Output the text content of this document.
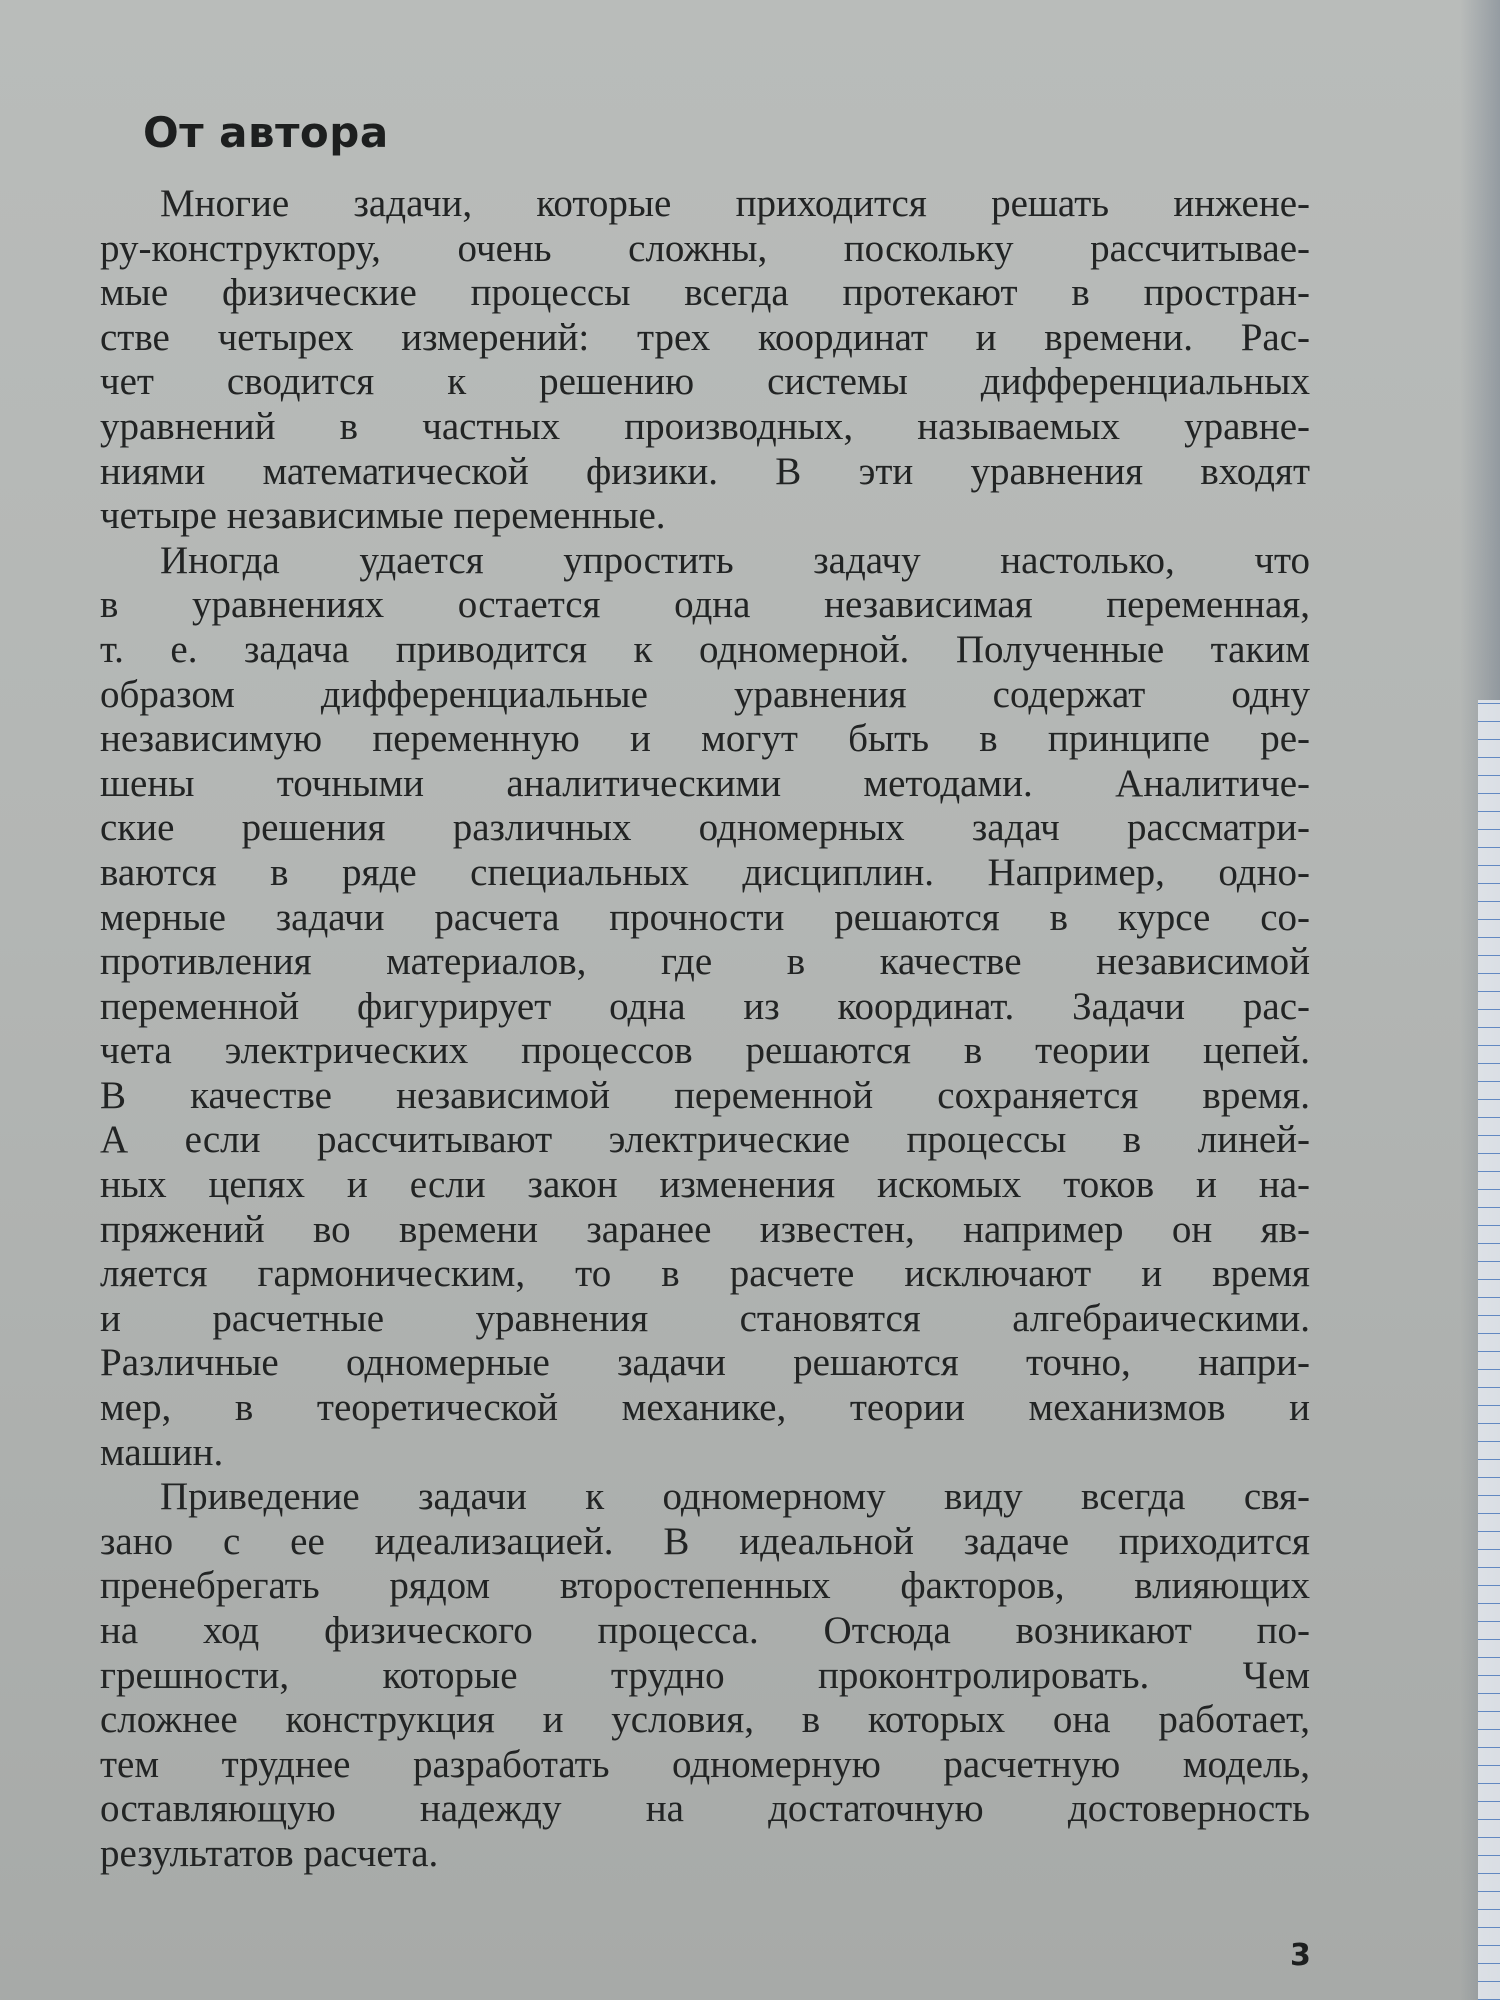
От автора
Многие задачи, которые приходится решать инжене-
ру-конструктору, очень сложны, поскольку рассчитывае-
мые физические процессы всегда протекают в простран-
стве четырех измерений: трех координат и времени. Рас-
чет сводится к решению системы дифференциальных
уравнений в частных производных, называемых уравне-
ниями математической физики. В эти уравнения входят
четыре независимые переменные.
Иногда удается упростить задачу настолько, что
в уравнениях остается одна независимая переменная,
т. е. задача приводится к одномерной. Полученные таким
образом дифференциальные уравнения содержат одну
независимую переменную и могут быть в принципе ре-
шены точными аналитическими методами. Аналитиче-
ские решения различных одномерных задач рассматри-
ваются в ряде специальных дисциплин. Например, одно-
мерные задачи расчета прочности решаются в курсе со-
противления материалов, где в качестве независимой
переменной фигурирует одна из координат. Задачи рас-
чета электрических процессов решаются в теории цепей.
В качестве независимой переменной сохраняется время.
А если рассчитывают электрические процессы в линей-
ных цепях и если закон изменения искомых токов и на-
пряжений во времени заранее известен, например он яв-
ляется гармоническим, то в расчете исключают и время
и расчетные уравнения становятся алгебраическими.
Различные одномерные задачи решаются точно, напри-
мер, в теоретической механике, теории механизмов и
машин.
Приведение задачи к одномерному виду всегда свя-
зано с ее идеализацией. В идеальной задаче приходится
пренебрегать рядом второстепенных факторов, влияющих
на ход физического процесса. Отсюда возникают по-
грешности, которые трудно проконтролировать. Чем
сложнее конструкция и условия, в которых она работает,
тем труднее разработать одномерную расчетную модель,
оставляющую надежду на достаточную достоверность
результатов расчета.
3
